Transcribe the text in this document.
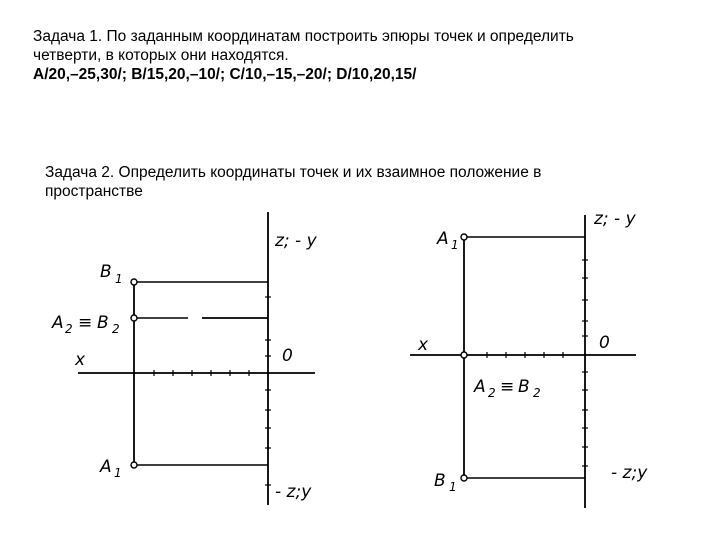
Задача 1. По заданным координатам построить эпюры точек и определить
четверти, в которых они находятся.
A/20,–25,30/; B/15,20,–10/; C/10,–15,–20/; D/10,20,15/
Задача 2. Определить координаты точек и их взаимное положение в
пространстве
z; - y
- z;y
x	0
B 1
A 2 ≡ B 2
A 1
z; - y
- z;y
x	0
A 1
A 2 ≡ B 2
B 1
